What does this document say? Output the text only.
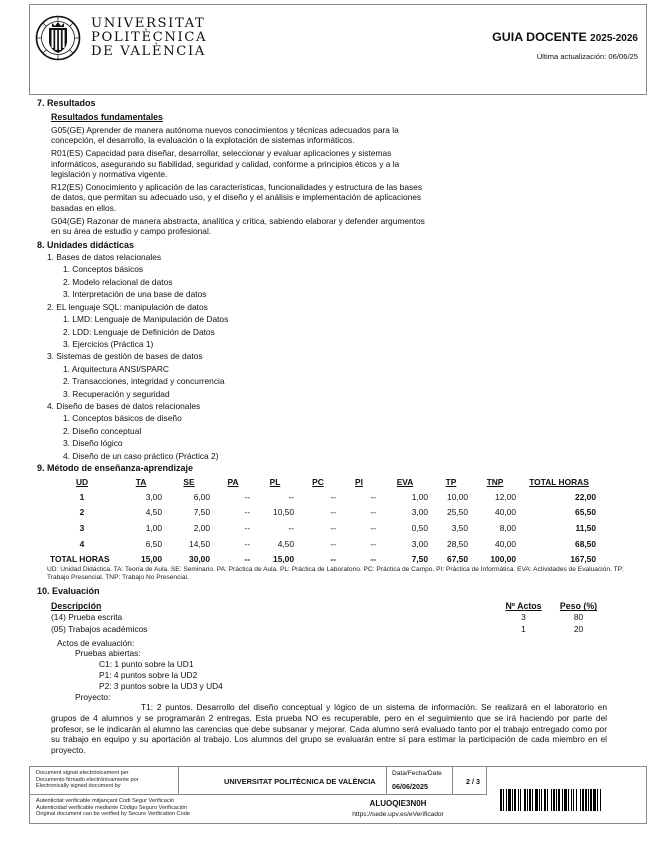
UNIVERSITAT
POLITÈCNICA
DE VALÈNCIA
GUIA DOCENTE 2025-2026
Última actualización: 06/06/25
7. Resultados
Resultados fundamentales
G05(GE) Aprender de manera autónoma nuevos conocimientos y técnicas adecuados para la concepción, el desarrollo, la evaluación o la explotación de sistemas informáticos.
R01(ES) Capacidad para diseñar, desarrollar, seleccionar y evaluar aplicaciones y sistemas informáticos, asegurando su fiabilidad, seguridad y calidad, conforme a principios éticos y a la legislación y normativa vigente.
R12(ES) Conocimiento y aplicación de las características, funcionalidades y estructura de las bases de datos, que permitan su adecuado uso, y el diseño y el análisis e implementación de aplicaciones basadas en ellos.
G04(GE) Razonar de manera abstracta, analítica y crítica, sabiendo elaborar y defender argumentos en su área de estudio y campo profesional.
8. Unidades didácticas
1. Bases de datos relacionales
1. Conceptos básicos
2. Modelo relacional de datos
3. Interpretación de una base de datos
2. EL lenguaje SQL: manipulación de datos
1. LMD: Lenguaje de Manipulación de Datos
2. LDD: Lenguaje de Definición de Datos
3. Ejercicios (Práctica 1)
3. Sistemas de gestión de bases de datos
1. Arquitectura ANSI/SPARC
2. Transacciones, integridad y concurrencia
3. Recuperación y seguridad
4. Diseño de bases de datos relacionales
1. Conceptos básicos de diseño
2. Diseño conceptual
3. Diseño lógico
4. Diseño de un caso práctico (Práctica 2)
9. Método de enseñanza-aprendizaje
UD	TA	SE	PA	PL	PC	PI	EVA	TP	TNP	TOTAL HORAS
1	3,00	6,00	--	--	--	--	1,00	10,00	12,00	22,00
2	4,50	7,50	--	10,50	--	--	3,00	25,50	40,00	65,50
3	1,00	2,00	--	--	--	--	0,50	3,50	8,00	11,50
4	6,50	14,50	--	4,50	--	--	3,00	28,50	40,00	68,50
TOTAL HORAS	15,00	30,00	--	15,00	--	--	7,50	67,50	100,00	167,50
UD: Unidad Didáctica. TA: Teoría de Aula. SE: Seminario. PA: Práctica de Aula. PL: Práctica de Laboratorio. PC: Práctica de Campo. PI: Práctica de Informática. EVA: Actividades de Evaluación. TP: Trabajo Presencial. TNP: Trabajo No Presencial.
10. Evaluación
Descripción	Nº Actos	Peso (%)
(14) Prueba escrita	3	80
(05) Trabajos académicos	1	20
Actos de evaluación:
Pruebas abiertas:
C1: 1 punto sobre la UD1
P1: 4 puntos sobre la UD2
P2: 3 puntos sobre la UD3 y UD4
Proyecto:
T1: 2 puntos. Desarrollo del diseño conceptual y lógico de un sistema de información. Se realizará en el laboratorio en grupos de 4 alumnos y se programarán 2 entregas. Esta prueba NO es recuperable, pero en el seguimiento que se irá haciendo por parte del profesor, se le indicarán al alumno las carencias que debe subsanar y mejorar. Cada alumno será evaluado tanto por el trabajo entregado como por su trabajo en equipo y su aportación al trabajo. Los alumnos del grupo se evaluarán entre sí para estimar la participación de cada miembro en el proyecto.
Document signat electrònicament per
Documento firmado electrónicamente por
Electronically signed document by
UNIVERSITAT POLITÈCNICA DE VALÈNCIA
Data/Fecha/Date
06/06/2025
2 / 3
Autenticitat verificable mitjançant Codi Segur Verificació
Autenticidad verificable mediante Código Seguro Verificación
Original document can be verified by Secure Verification Code
ALUOQIE3N0H
https://sede.upv.es/eVerificador
